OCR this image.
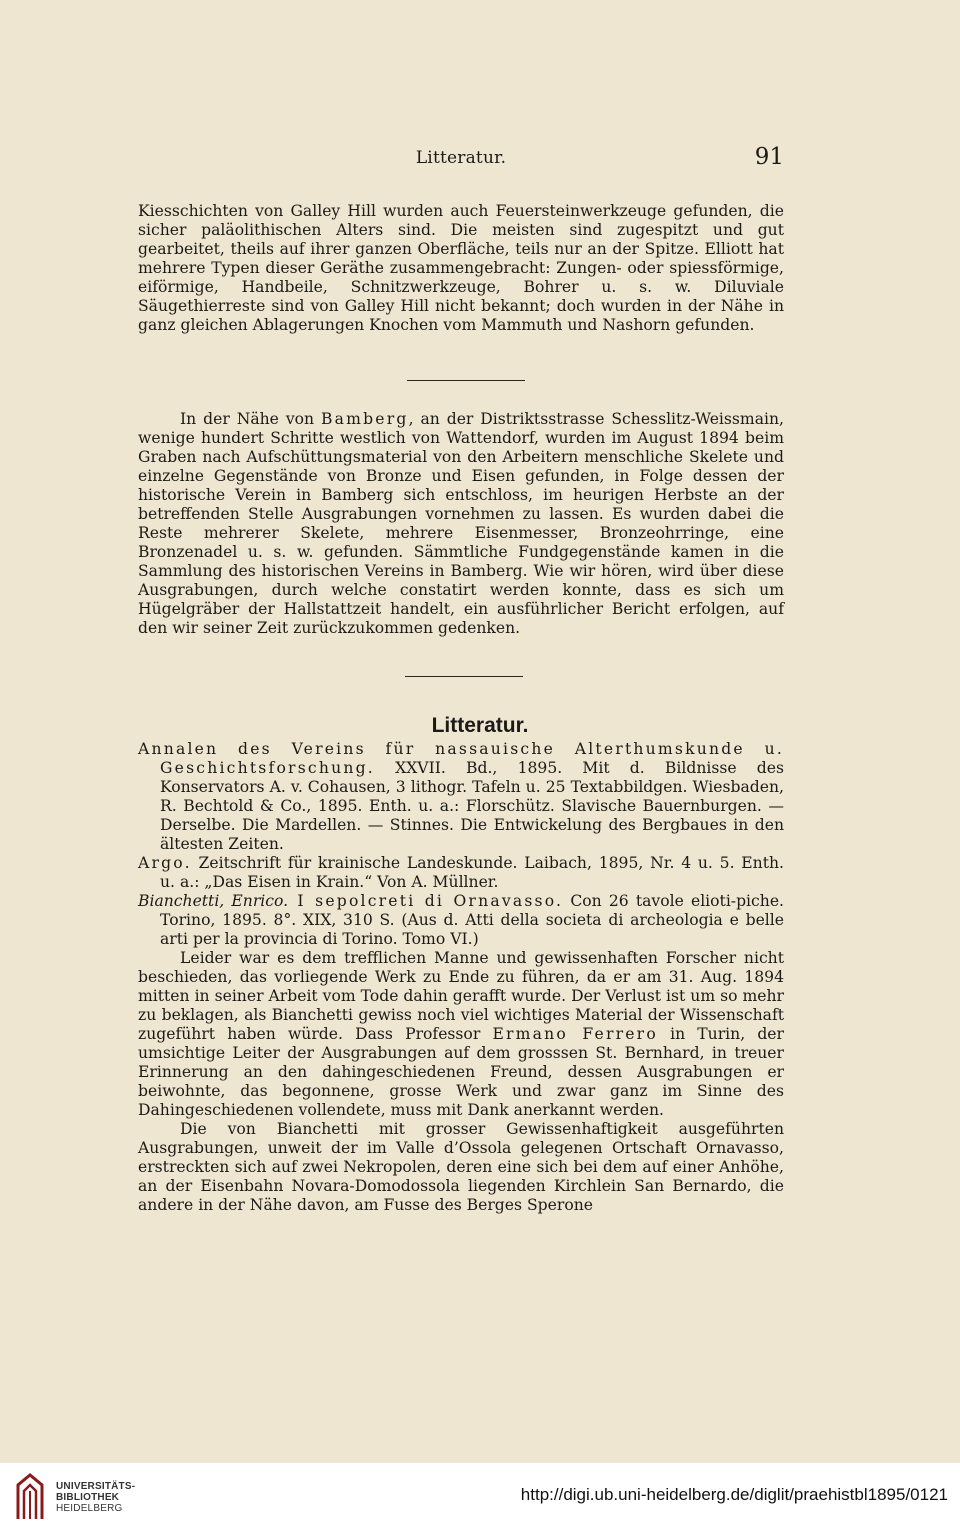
Litteratur.	91

Kiesschichten von Galley Hill wurden auch Feuersteinwerkzeuge gefunden, die sicher paläolithischen Alters sind. Die meisten sind zugespitzt und gut gearbeitet, theils auf ihrer ganzen Oberfläche, teils nur an der Spitze. Elliott hat mehrere Typen dieser Geräthe zusammengebracht: Zungen- oder spiessförmige, eiförmige, Handbeile, Schnitzwerkzeuge, Bohrer u. s. w. Diluviale Säugethierreste sind von Galley Hill nicht bekannt; doch wurden in der Nähe in ganz gleichen Ablagerungen Knochen vom Mammuth und Nashorn gefunden.

In der Nähe von Bamberg, an der Distriktsstrasse Schesslitz-Weissmain, wenige hundert Schritte westlich von Wattendorf, wurden im August 1894 beim Graben nach Aufschüttungsmaterial von den Arbeitern menschliche Skelete und einzelne Gegenstände von Bronze und Eisen gefunden, in Folge dessen der historische Verein in Bamberg sich entschloss, im heurigen Herbste an der betreffenden Stelle Ausgrabungen vornehmen zu lassen. Es wurden dabei die Reste mehrerer Skelete, mehrere Eisenmesser, Bronzeohrringe, eine Bronzenadel u. s. w. gefunden. Sämmtliche Fundgegenstände kamen in die Sammlung des historischen Vereins in Bamberg. Wie wir hören, wird über diese Ausgrabungen, durch welche constatirt werden konnte, dass es sich um Hügelgräber der Hallstattzeit handelt, ein ausführlicher Bericht erfolgen, auf den wir seiner Zeit zurückzukommen gedenken.

Litteratur.

Annalen des Vereins für nassauische Alterthumskunde u. Geschichtsforschung. XXVII. Bd., 1895. Mit d. Bildnisse des Konservators A. v. Cohausen, 3 lithogr. Tafeln u. 25 Textabbildgen. Wiesbaden, R. Bechtold & Co., 1895. Enth. u. a.: Florschütz. Slavische Bauernburgen. — Derselbe. Die Mardellen. — Stinnes. Die Entwickelung des Bergbaues in den ältesten Zeiten.

Argo. Zeitschrift für krainische Landeskunde. Laibach, 1895, Nr. 4 u. 5. Enth. u. a.: „Das Eisen in Krain.“ Von A. Müllner.

Bianchetti, Enrico. I sepolcreti di Ornavasso. Con 26 tavole elioti-piche. Torino, 1895. 8°. XIX, 310 S. (Aus d. Atti della societa di archeologia e belle arti per la provincia di Torino. Tomo VI.)

Leider war es dem trefflichen Manne und gewissenhaften Forscher nicht beschieden, das vorliegende Werk zu Ende zu führen, da er am 31. Aug. 1894 mitten in seiner Arbeit vom Tode dahin gerafft wurde. Der Verlust ist um so mehr zu beklagen, als Bianchetti gewiss noch viel wichtiges Material der Wissenschaft zugeführt haben würde. Dass Professor Ermano Ferrero in Turin, der umsichtige Leiter der Ausgrabungen auf dem grosssen St. Bernhard, in treuer Erinnerung an den dahingeschiedenen Freund, dessen Ausgrabungen er beiwohnte, das begonnene, grosse Werk und zwar ganz im Sinne des Dahingeschiedenen vollendete, muss mit Dank anerkannt werden.

Die von Bianchetti mit grosser Gewissenhaftigkeit ausgeführten Ausgrabungen, unweit der im Valle d’Ossola gelegenen Ortschaft Ornavasso, erstreckten sich auf zwei Nekropolen, deren eine sich bei dem auf einer Anhöhe, an der Eisenbahn Novara-Domodossola liegenden Kirchlein San Bernardo, die andere in der Nähe davon, am Fusse des Berges Sperone

UNIVERSITÄTS-
BIBLIOTHEK
HEIDELBERG
http://digi.ub.uni-heidelberg.de/diglit/praehistbl1895/0121
